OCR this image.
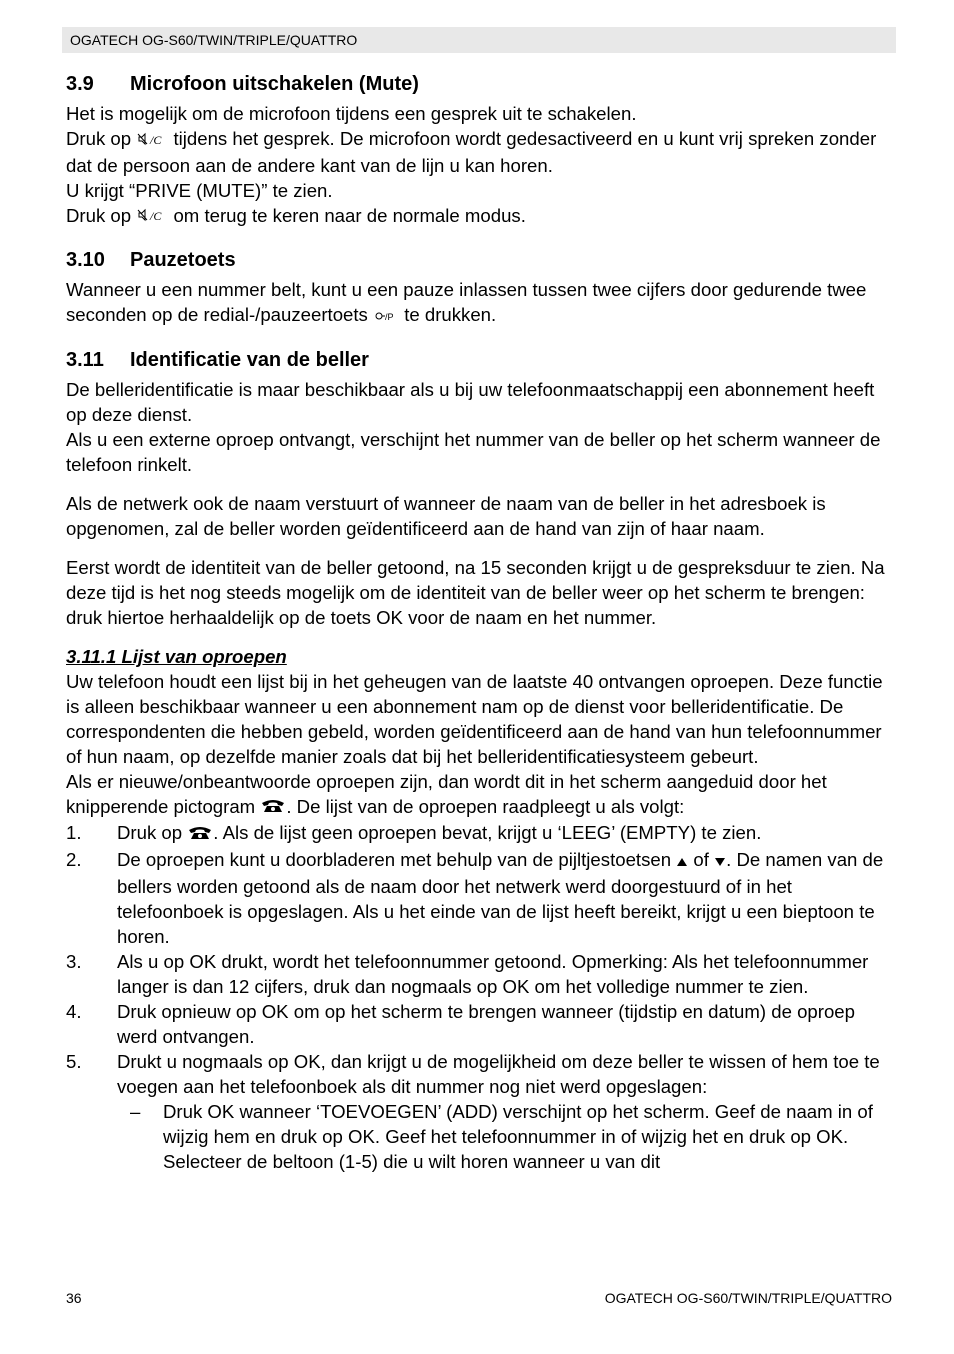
OGATECH OG-S60/TWIN/TRIPLE/QUATTRO
3.9 Microfoon uitschakelen (Mute)

Het is mogelijk om de microfoon tijdens een gesprek uit te schakelen.

Druk op /C tijdens het gesprek. De microfoon wordt gedesactiveerd en u kunt vrij spreken zonder dat de persoon aan de andere kant van de lijn u kan horen.

U krijgt “PRIVE (MUTE)” te zien.

Druk op /C om terug te keren naar de normale modus.

3.10 Pauzetoets

Wanneer u een nummer belt, kunt u een pauze inlassen tussen twee cijfers door gedurende twee seconden op de redial-/pauzeertoets /P te drukken.

3.11 Identificatie van de beller

De belleridentificatie is maar beschikbaar als u bij uw telefoonmaatschappij een abonnement heeft op deze dienst.

Als u een externe oproep ontvangt, verschijnt het nummer van de beller op het scherm wanneer de telefoon rinkelt.

Als de netwerk ook de naam verstuurt of wanneer de naam van de beller in het adresboek is opgenomen, zal de beller worden geïdentificeerd aan de hand van zijn of haar naam.

Eerst wordt de identiteit van de beller getoond, na 15 seconden krijgt u de gespreksduur te zien. Na deze tijd is het nog steeds mogelijk om de identiteit van de beller weer op het scherm te brengen: druk hiertoe herhaaldelijk op de toets OK voor de naam en het nummer.

3.11.1 Lijst van oproepen

Uw telefoon houdt een lijst bij in het geheugen van de laatste 40 ontvangen oproepen. Deze functie is alleen beschikbaar wanneer u een abonnement nam op de dienst voor belleridentificatie. De correspondenten die hebben gebeld, worden geïdentificeerd aan de hand van hun telefoonnummer of hun naam, op dezelfde manier zoals dat bij het belleridentificatiesysteem gebeurt.

Als er nieuwe/onbeantwoorde oproepen zijn, dan wordt dit in het scherm aangeduid door het knipperende pictogram . De lijst van de oproepen raadpleegt u als volgt:

1. Druk op . Als de lijst geen oproepen bevat, krijgt u ‘LEEG’ (EMPTY) te zien.
2. De oproepen kunt u doorbladeren met behulp van de pijltjestoetsen of . De namen van de bellers worden getoond als de naam door het netwerk werd doorgestuurd of in het telefoonboek is opgeslagen. Als u het einde van de lijst heeft bereikt, krijgt u een bieptoon te horen.
3. Als u op OK drukt, wordt het telefoonnummer getoond. Opmerking: Als het telefoonnummer langer is dan 12 cijfers, druk dan nogmaals op OK om het volledige nummer te zien.
4. Druk opnieuw op OK om op het scherm te brengen wanneer (tijdstip en datum) de oproep werd ontvangen.
5. Drukt u nogmaals op OK, dan krijgt u de mogelijkheid om deze beller te wissen of hem toe te voegen aan het telefoonboek als dit nummer nog niet werd opgeslagen:
– Druk OK wanneer ‘TOEVOEGEN’ (ADD) verschijnt op het scherm. Geef de naam in of wijzig hem en druk op OK. Geef het telefoonnummer in of wijzig het en druk op OK. Selecteer de beltoon (1-5) die u wilt horen wanneer u van dit
36	OGATECH OG-S60/TWIN/TRIPLE/QUATTRO
